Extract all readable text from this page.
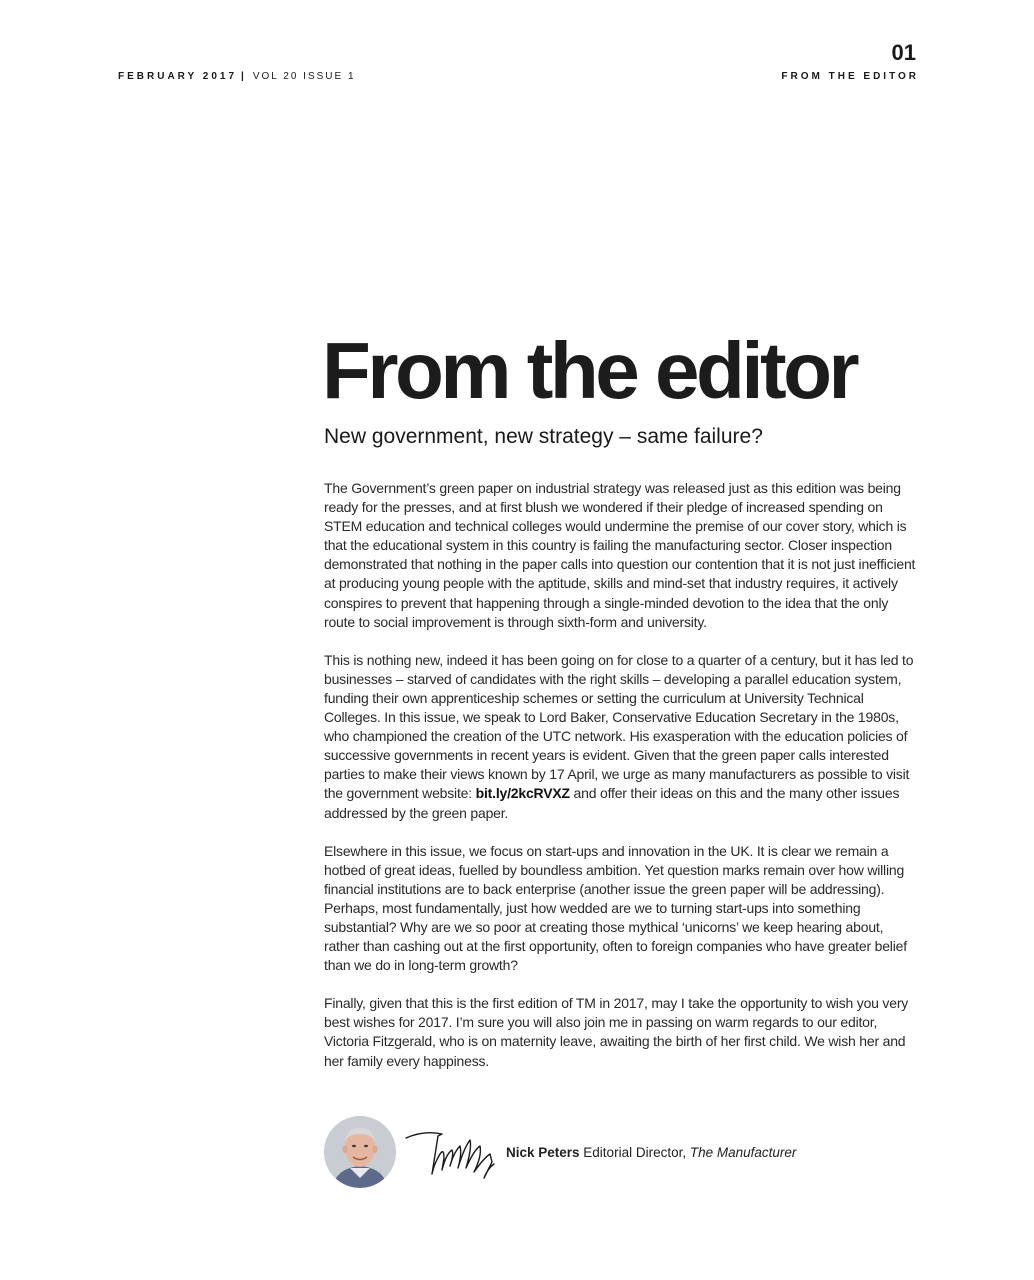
FEBRUARY 2017 | VOL 20 ISSUE 1
01
FROM THE EDITOR
From the editor
New government, new strategy – same failure?

The Government’s green paper on industrial strategy was released just as this edition was being ready for the presses, and at first blush we wondered if their pledge of increased spending on STEM education and technical colleges would undermine the premise of our cover story, which is that the educational system in this country is failing the manufacturing sector. Closer inspection demonstrated that nothing in the paper calls into question our contention that it is not just inefficient at producing young people with the aptitude, skills and mind-set that industry requires, it actively conspires to prevent that happening through a single-minded devotion to the idea that the only route to social improvement is through sixth-form and university.

This is nothing new, indeed it has been going on for close to a quarter of a century, but it has led to businesses – starved of candidates with the right skills – developing a parallel education system, funding their own apprenticeship schemes or setting the curriculum at University Technical Colleges. In this issue, we speak to Lord Baker, Conservative Education Secretary in the 1980s, who championed the creation of the UTC network. His exasperation with the education policies of successive governments in recent years is evident. Given that the green paper calls interested parties to make their views known by 17 April, we urge as many manufacturers as possible to visit the government website: bit.ly/2kcRVXZ and offer their ideas on this and the many other issues addressed by the green paper.

Elsewhere in this issue, we focus on start-ups and innovation in the UK. It is clear we remain a hotbed of great ideas, fuelled by boundless ambition. Yet question marks remain over how willing financial institutions are to back enterprise (another issue the green paper will be addressing). Perhaps, most fundamentally, just how wedded are we to turning start-ups into something substantial? Why are we so poor at creating those mythical ‘unicorns’ we keep hearing about, rather than cashing out at the first opportunity, often to foreign companies who have greater belief than we do in long-term growth?

Finally, given that this is the first edition of TM in 2017, may I take the opportunity to wish you very best wishes for 2017. I’m sure you will also join me in passing on warm regards to our editor, Victoria Fitzgerald, who is on maternity leave, awaiting the birth of her first child. We wish her and her family every happiness.

Nick Peters Editorial Director, The Manufacturer
